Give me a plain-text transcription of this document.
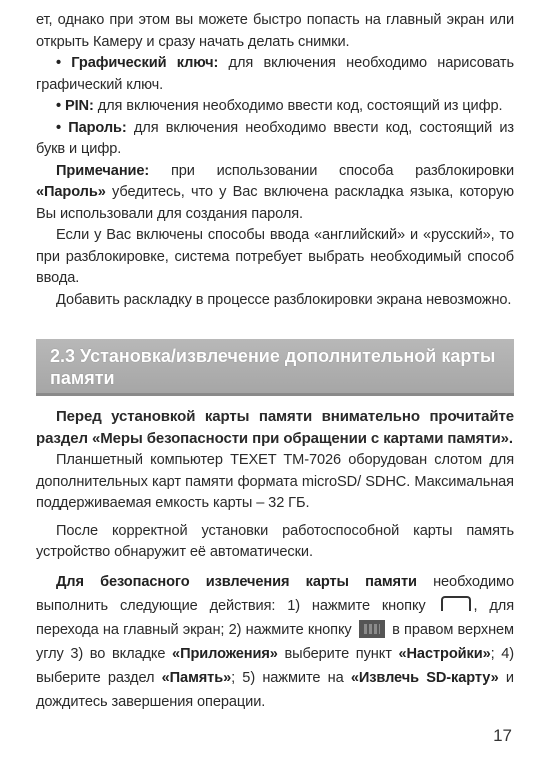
ет, однако при этом вы можете быстро попасть на главный экран или открыть Камеру и сразу начать делать снимки.

• Графический ключ: для включения необходимо нарисовать графический ключ.

• PIN: для включения необходимо ввести код, состоящий из цифр.

• Пароль: для включения необходимо ввести код, состоящий из букв и цифр.

Примечание: при использовании способа разблокировки «Пароль» убедитесь, что у Вас включена раскладка языка, которую Вы использовали для создания пароля.

Если у Вас включены способы ввода «английский» и «русский», то при разблокировке, система потребует выбрать необходимый способ ввода.

Добавить раскладку в процессе разблокировки экрана невозможно.

2.3 Установка/извлечение дополнительной карты памяти

Перед установкой карты памяти внимательно прочитайте раздел «Меры безопасности при обращении с картами памяти».

Планшетный компьютер TEXET TM-7026 оборудован слотом для дополнительных карт памяти формата microSD/ SDHC. Максимальная поддерживаемая емкость карты – 32 ГБ.

После корректной установки работоспособной карты память устройство обнаружит её автоматически.

Для безопасного извлечения карты памяти необходимо выполнить следующие действия: 1) нажмите кнопку , для перехода на главный экран; 2) нажмите кнопку  в правом верхнем углу 3) во вкладке «Приложения» выберите пункт «Настройки»; 4) выберите раздел «Память»; 5) нажмите на «Извлечь SD-карту» и дождитесь завершения операции.

17
